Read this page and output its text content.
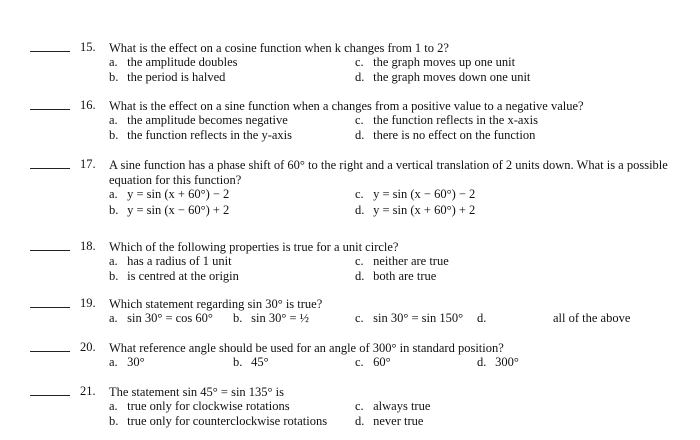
15. What is the effect on a cosine function when k changes from 1 to 2?
a. the amplitude doubles
b. the period is halved
c. the graph moves up one unit
d. the graph moves down one unit
16. What is the effect on a sine function when a changes from a positive value to a negative value?
a. the amplitude becomes negative
b. the function reflects in the y-axis
c. the function reflects in the x-axis
d. there is no effect on the function
17. A sine function has a phase shift of 60° to the right and a vertical translation of 2 units down. What is a possible
equation for this function?
a. y = sin (x + 60°) − 2
b. y = sin (x − 60°) + 2
c. y = sin (x − 60°) − 2
d. y = sin (x + 60°) + 2
18. Which of the following properties is true for a unit circle?
a. has a radius of 1 unit
b. is centred at the origin
c. neither are true
d. both are true
19. Which statement regarding sin 30° is true?
a. sin 30° = cos 60° b. sin 30° = ½	c. sin 30° = sin 150° d.	all of the above
20. What reference angle should be used for an angle of 300° in standard position?
a. 30°	b. 45°	c. 60°	d. 300°
21. The statement sin 45° = sin 135° is
a. true only for clockwise rotations
b. true only for counterclockwise rotations
c. always true
d. never true
